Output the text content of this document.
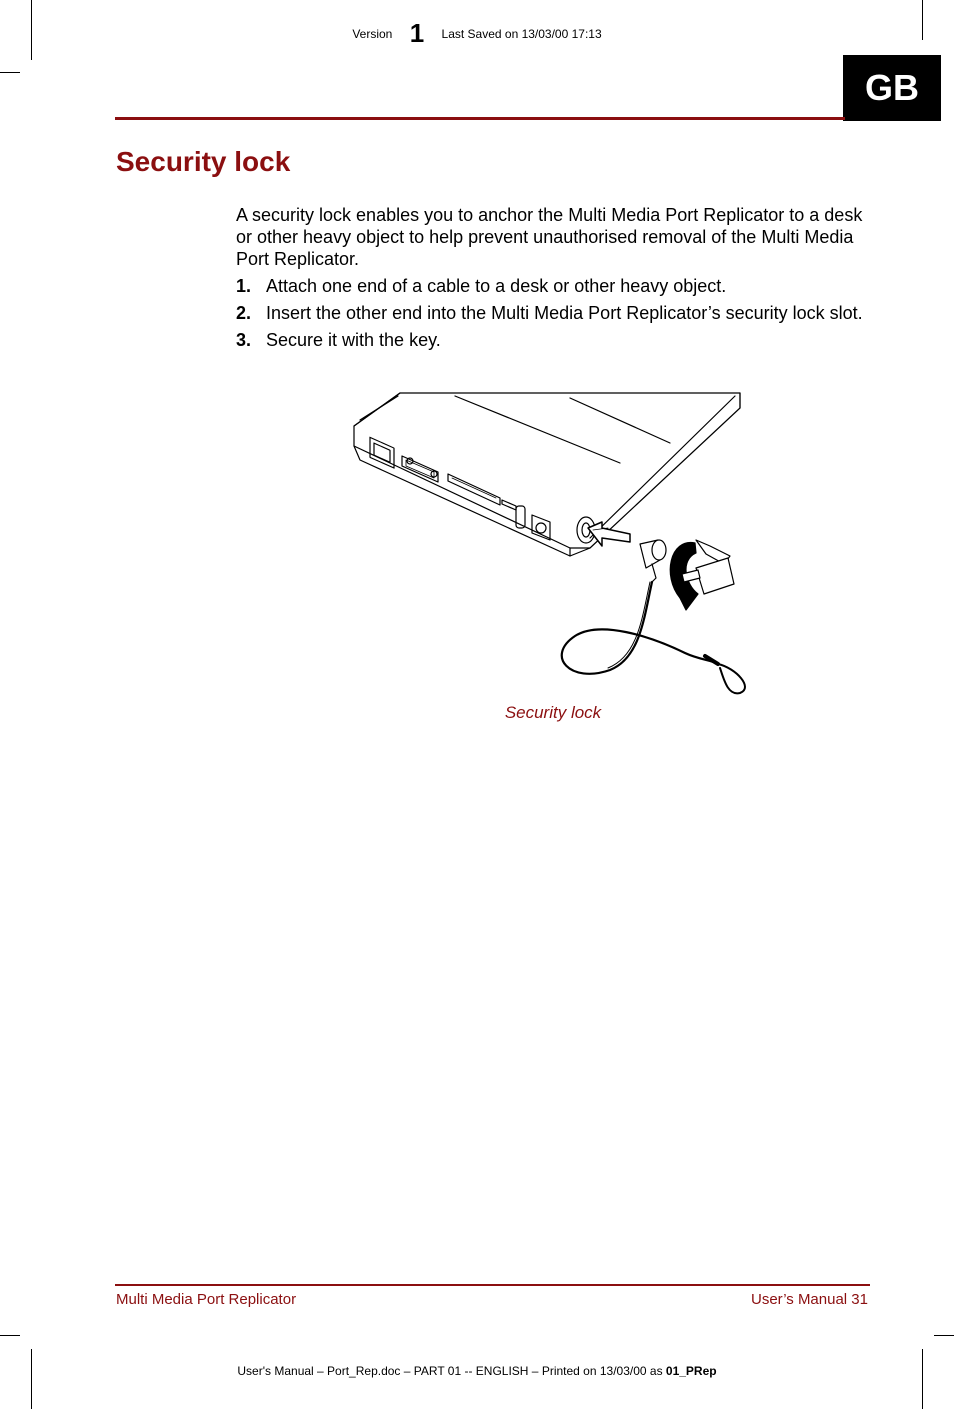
Version 1 Last Saved on 13/03/00 17:13
GB
Security lock

A security lock enables you to anchor the Multi Media Port Replicator to a desk or other heavy object to help prevent unauthorised removal of the Multi Media Port Replicator.

1. Attach one end of a cable to a desk or other heavy object.
2. Insert the other end into the Multi Media Port Replicator’s security lock slot.
3. Secure it with the key.
Security lock
Multi Media Port Replicator	User’s Manual 31
User's Manual – Port_Rep.doc – PART 01 -- ENGLISH – Printed on 13/03/00 as 01_PRep
